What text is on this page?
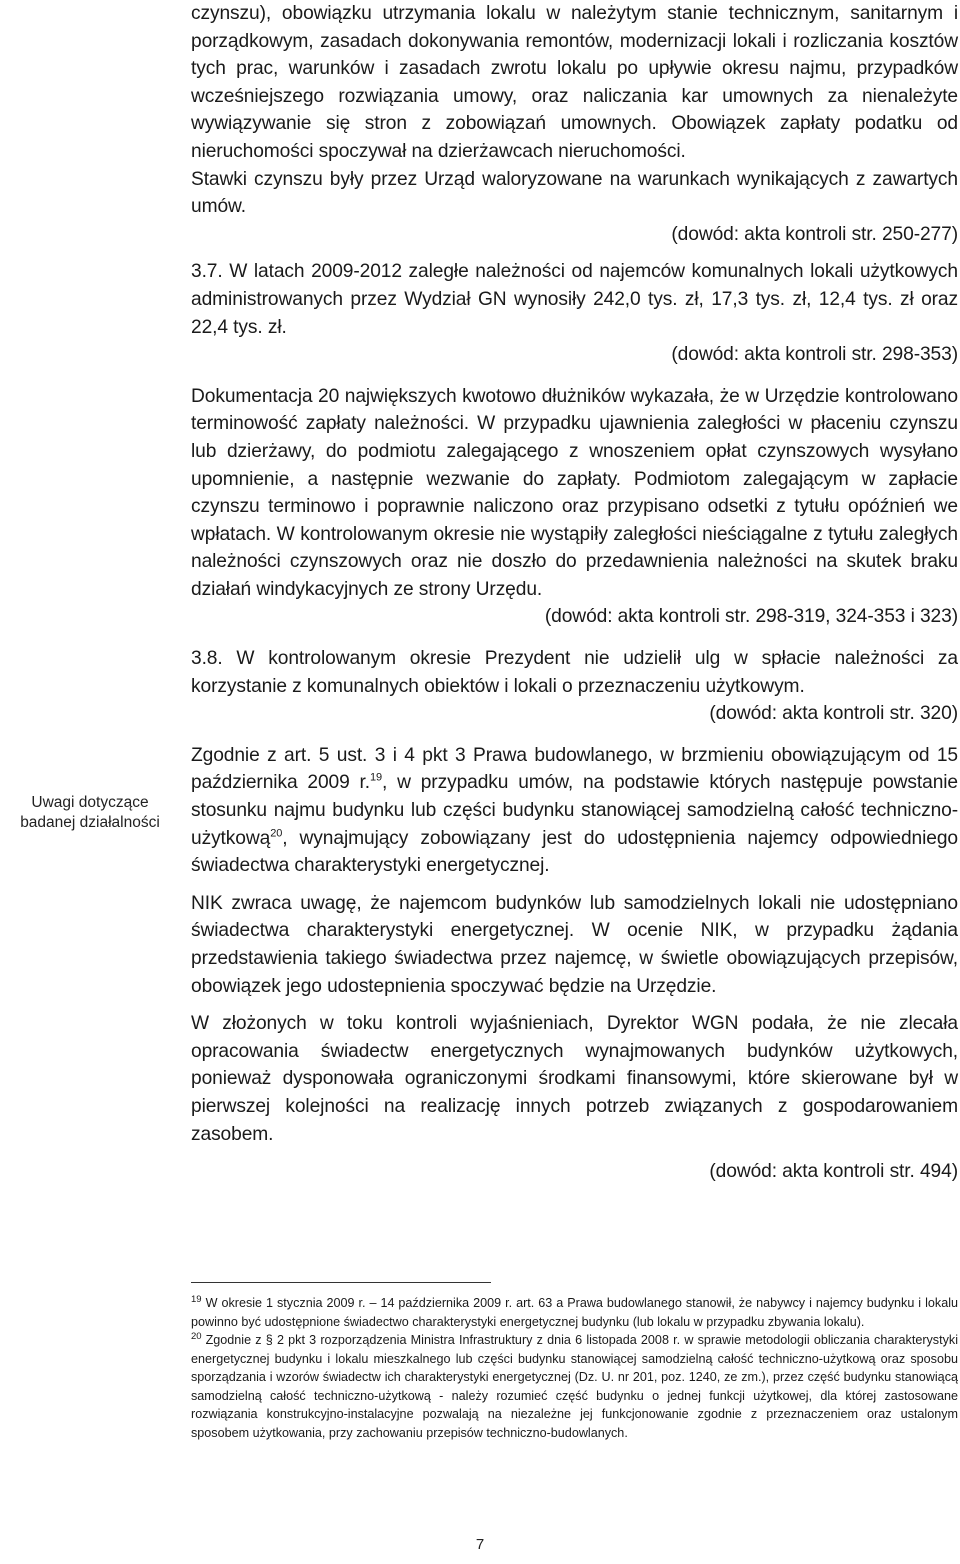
Uwagi dotyczące
badanej działalności

czynszu), obowiązku utrzymania lokalu w należytym stanie technicznym, sanitarnym i porządkowym, zasadach dokonywania remontów, modernizacji lokali i rozliczania kosztów tych prac, warunków i zasadach zwrotu lokalu po upływie okresu najmu, przypadków wcześniejszego rozwiązania umowy, oraz naliczania kar umownych za nienależyte wywiązywanie się stron z zobowiązań umownych. Obowiązek zapłaty podatku od nieruchomości spoczywał na dzierżawcach nieruchomości.

Stawki czynszu były przez Urząd waloryzowane na warunkach wynikających z zawartych umów.

(dowód: akta kontroli str. 250-277)

3.7. W latach 2009-2012 zaległe należności od najemców komunalnych lokali użytkowych administrowanych przez Wydział GN wynosiły 242,0 tys. zł, 17,3 tys. zł, 12,4 tys. zł oraz 22,4 tys. zł.

(dowód: akta kontroli str. 298-353)

Dokumentacja 20 największych kwotowo dłużników wykazała, że w Urzędzie kontrolowano terminowość zapłaty należności. W przypadku ujawnienia zaległości w płaceniu czynszu lub dzierżawy, do podmiotu zalegającego z wnoszeniem opłat czynszowych wysyłano upomnienie, a następnie wezwanie do zapłaty. Podmiotom zalegającym w zapłacie czynszu terminowo i poprawnie naliczono oraz przypisano odsetki z tytułu opóźnień we wpłatach. W kontrolowanym okresie nie wystąpiły zaległości nieściągalne z tytułu zaległych należności czynszowych oraz nie doszło do przedawnienia należności na skutek braku działań windykacyjnych ze strony Urzędu.

(dowód: akta kontroli str. 298-319, 324-353 i 323)

3.8. W kontrolowanym okresie Prezydent nie udzielił ulg w spłacie należności za korzystanie z komunalnych obiektów i lokali o przeznaczeniu użytkowym.

(dowód: akta kontroli str. 320)

Zgodnie z art. 5 ust. 3 i 4 pkt 3 Prawa budowlanego, w brzmieniu obowiązującym od 15 października 2009 r.$^{19}$, w przypadku umów, na podstawie których następuje powstanie stosunku najmu budynku lub części budynku stanowiącej samodzielną całość techniczno-użytkową$^{20}$, wynajmujący zobowiązany jest do udostępnienia najemcy odpowiedniego świadectwa charakterystyki energetycznej.

NIK zwraca uwagę, że najemcom budynków lub samodzielnych lokali nie udostępniano świadectwa charakterystyki energetycznej. W ocenie NIK, w przypadku żądania przedstawienia takiego świadectwa przez najemcę, w świetle obowiązujących przepisów, obowiązek jego udostepnienia spoczywać będzie na Urzędzie.

W złożonych w toku kontroli wyjaśnieniach, Dyrektor WGN podała, że nie zlecała opracowania świadectw energetycznych wynajmowanych budynków użytkowych, ponieważ dysponowała ograniczonymi środkami finansowymi, które skierowane był w pierwszej kolejności na realizację innych potrzeb związanych z gospodarowaniem zasobem.

(dowód: akta kontroli str. 494)

$^{19}$ W okresie 1 stycznia 2009 r. – 14 października 2009 r. art. 63 a Prawa budowlanego stanowił, że nabywcy i najemcy budynku i lokalu powinno być udostępnione świadectwo charakterystyki energetycznej budynku (lub lokalu w przypadku zbywania lokalu).

$^{20}$ Zgodnie z § 2 pkt 3 rozporządzenia Ministra Infrastruktury z dnia 6 listopada 2008 r. w sprawie metodologii obliczania charakterystyki energetycznej budynku i lokalu mieszkalnego lub części budynku stanowiącej samodzielną całość techniczno-użytkową oraz sposobu sporządzania i wzorów świadectw ich charakterystyki energetycznej (Dz. U. nr 201, poz. 1240, ze zm.), przez część budynku stanowiącą samodzielną całość techniczno-użytkową - należy rozumieć część budynku o jednej funkcji użytkowej, dla której zastosowane rozwiązania konstrukcyjno-instalacyjne pozwalają na niezależne jej funkcjonowanie zgodnie z przeznaczeniem oraz ustalonym sposobem użytkowania, przy zachowaniu przepisów techniczno-budowlanych.

7
